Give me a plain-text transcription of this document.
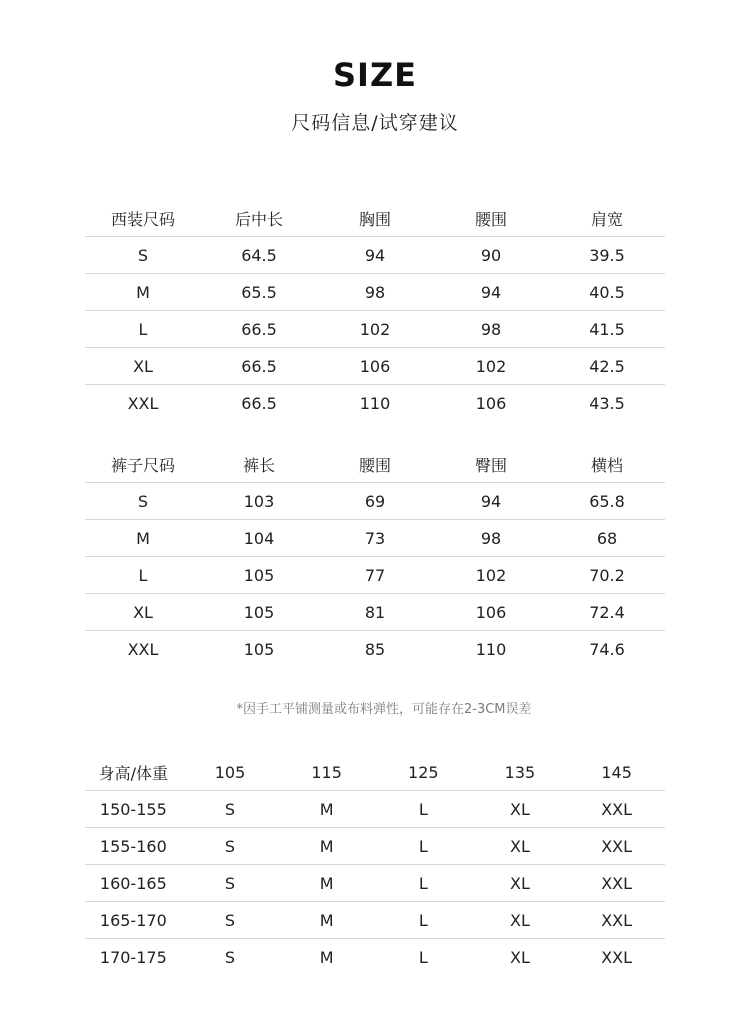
SIZE
尺码信息/试穿建议
西装尺码	后中长	胸围	腰围	肩宽
S	64.5	94	90	39.5
M	65.5	98	94	40.5
L	66.5	102	98	41.5
XL	66.5	106	102	42.5
XXL	66.5	110	106	43.5
裤子尺码	裤长	腰围	臀围	横档
S	103	69	94	65.8
M	104	73	98	68
L	105	77	102	70.2
XL	105	81	106	72.4
XXL	105	85	110	74.6
*因手工平铺测量或布料弹性，可能存在2-3CM误差
身高/体重	105	115	125	135	145
150-155	S	M	L	XL	XXL
155-160	S	M	L	XL	XXL
160-165	S	M	L	XL	XXL
165-170	S	M	L	XL	XXL
170-175	S	M	L	XL	XXL
